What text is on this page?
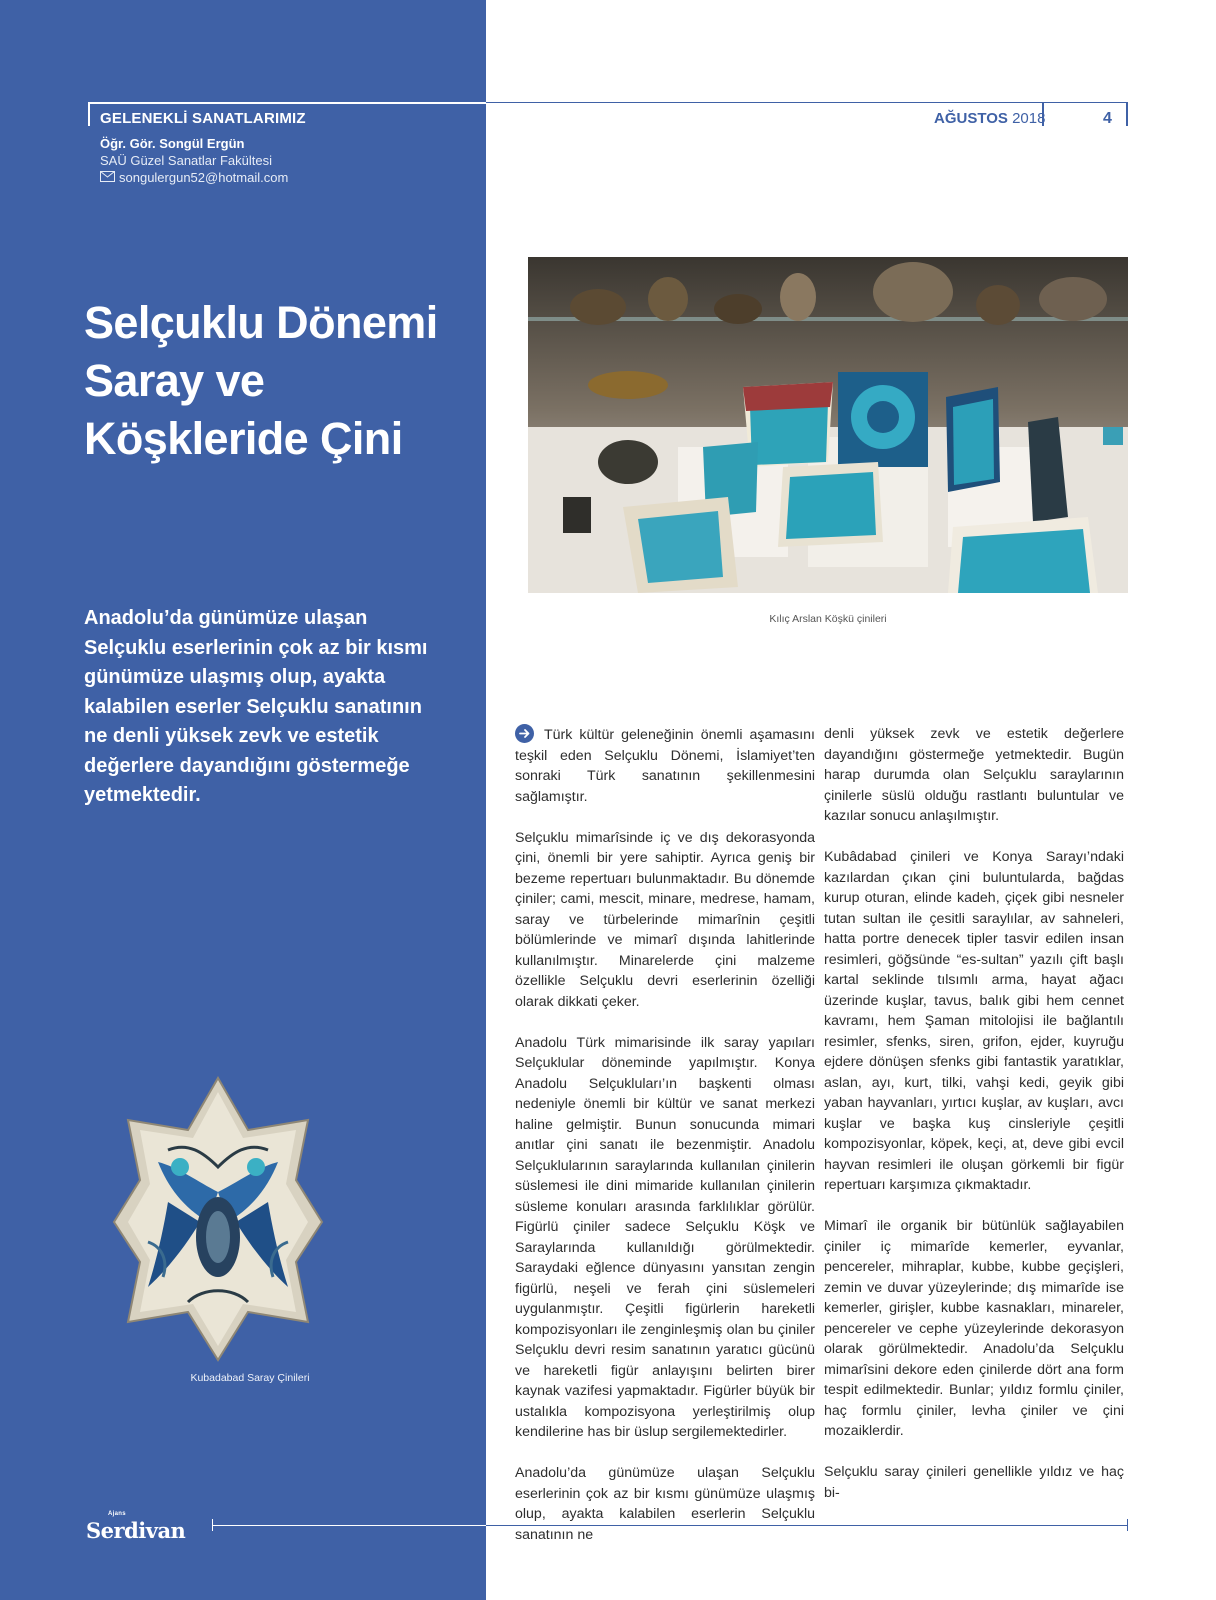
GELENEKLİ SANATLARIMIZ
Öğr. Gör. Songül Ergün
SAÜ Güzel Sanatlar Fakültesi
songulergun52@hotmail.com
AĞUSTOS 2018	4
Selçuklu Dönemi
Saray ve
Köşkleride Çini
Anadolu’da günümüze ulaşan Selçuklu eserlerinin çok az bir kısmı günümüze ulaşmış olup, ayakta kalabilen eserler Selçuklu sanatının ne denli yüksek zevk ve estetik değerlere dayandığını göstermeğe yetmektedir.
Kılıç Arslan Köşkü çinileri
Kubadabad Saray Çinileri

Türk kültür geleneğinin önemli aşamasını teşkil eden Selçuklu Dönemi, İslamiyet’ten sonraki Türk sanatının şekillenmesini sağlamıştır.

Selçuklu mimarîsinde iç ve dış dekorasyonda çini, önemli bir yere sahiptir. Ayrıca geniş bir bezeme repertuarı bulunmaktadır. Bu dönemde çiniler; cami, mescit, minare, medrese, hamam, saray ve türbelerinde mimarînin çeşitli bölümlerinde ve mimarî dışında lahitlerinde kullanılmıştır. Minarelerde çini malzeme özellikle Selçuklu devri eserlerinin özelliği olarak dikkati çeker.

Anadolu Türk mimarisinde ilk saray yapıları Selçuklular döneminde yapılmıştır. Konya Anadolu Selçukluları’ın başkenti olması nedeniyle önemli bir kültür ve sanat merkezi haline gelmiştir. Bunun sonucunda mimari anıtlar çini sanatı ile bezenmiştir. Anadolu Selçuklularının saraylarında kullanılan çinilerin süslemesi ile dini mimaride kullanılan çinilerin süsleme konuları arasında farklılıklar görülür. Figürlü çiniler sadece Selçuklu Köşk ve Saraylarında kullanıldığı görülmektedir. Saraydaki eğlence dünyasını yansıtan zengin figürlü, neşeli ve ferah çini süslemeleri uygulanmıştır. Çeşitli figürlerin hareketli kompozisyonları ile zenginleşmiş olan bu çiniler Selçuklu devri resim sanatının yaratıcı gücünü ve hareketli figür anlayışını belirten birer kaynak vazifesi yapmaktadır. Figürler büyük bir ustalıkla kompozisyona yerleştirilmiş olup kendilerine has bir üslup sergilemektedirler.

Anadolu’da günümüze ulaşan Selçuklu eserlerinin çok az bir kısmı günümüze ulaşmış olup, ayakta kalabilen eserlerin Selçuklu sanatının ne

denli yüksek zevk ve estetik değerlere dayandığını göstermeğe yetmektedir. Bugün harap durumda olan Selçuklu saraylarının çinilerle süslü olduğu rastlantı buluntular ve kazılar sonucu anlaşılmıştır.

Kubâdabad çinileri ve Konya Sarayı’ndaki kazılardan çıkan çini buluntularda, bağdas kurup oturan, elinde kadeh, çiçek gibi nesneler tutan sultan ile çesitli saraylılar, av sahneleri, hatta portre denecek tipler tasvir edilen insan resimleri, göğsünde “es-sultan” yazılı çift başlı kartal seklinde tılsımlı arma, hayat ağacı üzerinde kuşlar, tavus, balık gibi hem cennet kavramı, hem Şaman mitolojisi ile bağlantılı resimler, sfenks, siren, grifon, ejder, kuyruğu ejdere dönüşen sfenks gibi fantastik yaratıklar, aslan, ayı, kurt, tilki, vahşi kedi, geyik gibi yaban hayvanları, yırtıcı kuşlar, av kuşları, avcı kuşlar ve başka kuş cinsleriyle çeşitli kompozisyonlar, köpek, keçi, at, deve gibi evcil hayvan resimleri ile oluşan görkemli bir figür repertuarı karşımıza çıkmaktadır.

Mimarî ile organik bir bütünlük sağlayabilen çiniler iç mimarîde kemerler, eyvanlar, pencereler, mihraplar, kubbe, kubbe geçişleri, zemin ve duvar yüzeylerinde; dış mimarîde ise kemerler, girişler, kubbe kasnakları, minareler, pencereler ve cephe yüzeylerinde dekorasyon olarak görülmektedir. Anadolu’da Selçuklu mimarîsini dekore eden çinilerde dört ana form tespit edilmektedir. Bunlar; yıldız formlu çiniler, haç formlu çiniler, levha çiniler ve çini mozaiklerdir.

Selçuklu saray çinileri genellikle yıldız ve haç bi-

Ajans
Serdivan
